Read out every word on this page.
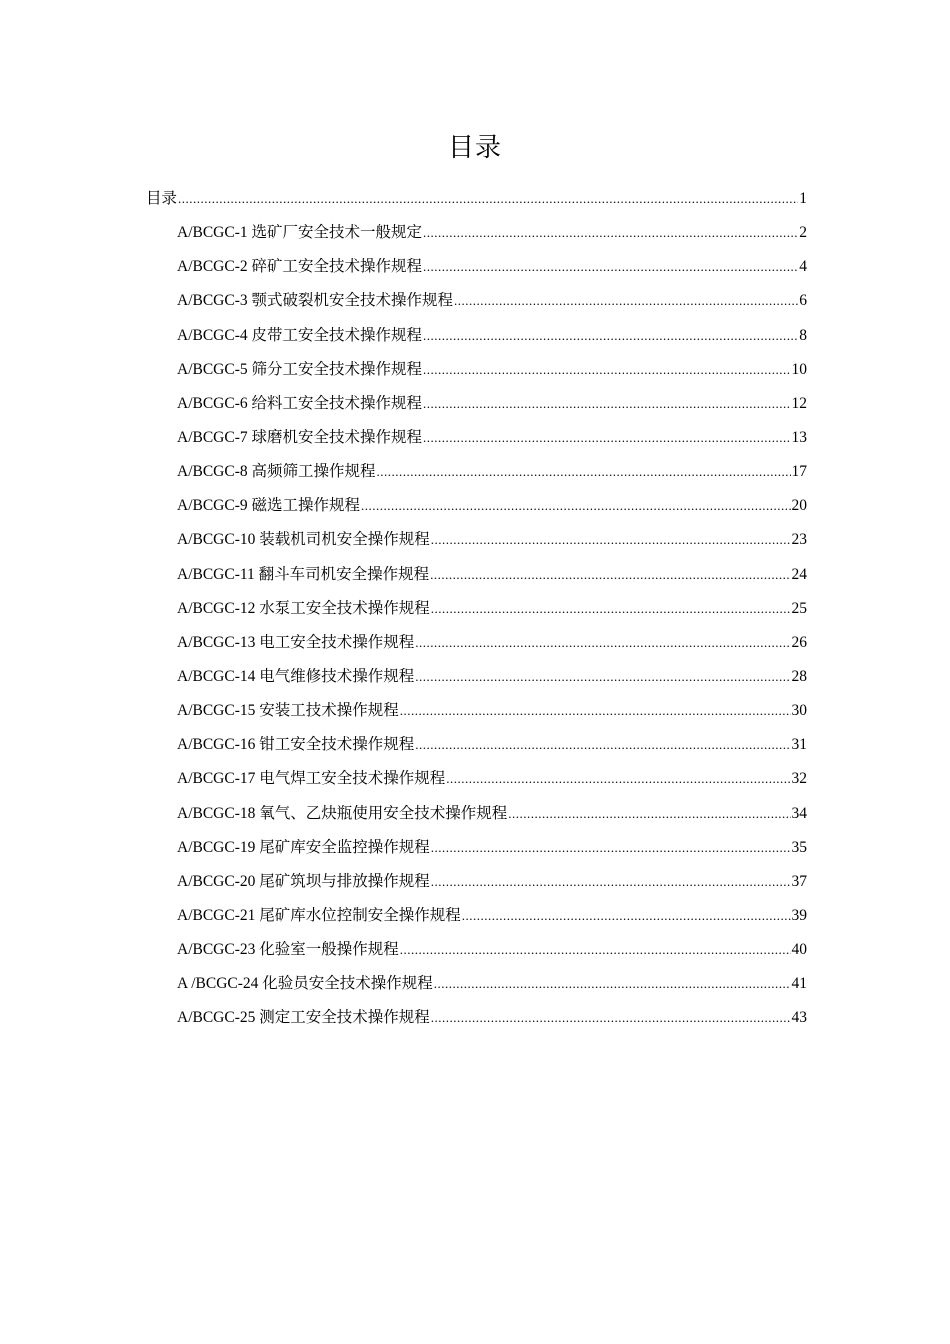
目录
目录 .....	1
A/BCGC-1 选矿厂安全技术一般规定 .....	2
A/BCGC-2 碎矿工安全技术操作规程 .....	4
A/BCGC-3 颚式破裂机安全技术操作规程 .....	6
A/BCGC-4 皮带工安全技术操作规程 .....	8
A/BCGC-5 筛分工安全技术操作规程 .....	10
A/BCGC-6 给料工安全技术操作规程 .....	12
A/BCGC-7 球磨机安全技术操作规程 .....	13
A/BCGC-8 高频筛工操作规程 .....	17
A/BCGC-9 磁选工操作规程 .....	20
A/BCGC-10 装载机司机安全操作规程 .....	23
A/BCGC-11 翻斗车司机安全操作规程 .....	24
A/BCGC-12 水泵工安全技术操作规程 .....	25
A/BCGC-13 电工安全技术操作规程 .....	26
A/BCGC-14 电气维修技术操作规程 .....	28
A/BCGC-15 安装工技术操作规程 .....	30
A/BCGC-16 钳工安全技术操作规程 .....	31
A/BCGC-17 电气焊工安全技术操作规程 .....	32
A/BCGC-18 氧气、乙炔瓶使用安全技术操作规程 .....	34
A/BCGC-19 尾矿库安全监控操作规程 .....	35
A/BCGC-20 尾矿筑坝与排放操作规程 .....	37
A/BCGC-21 尾矿库水位控制安全操作规程 .....	39
A/BCGC-23 化验室一般操作规程 .....	40
A /BCGC-24 化验员安全技术操作规程 .....	41
A/BCGC-25 测定工安全技术操作规程 .....	43
